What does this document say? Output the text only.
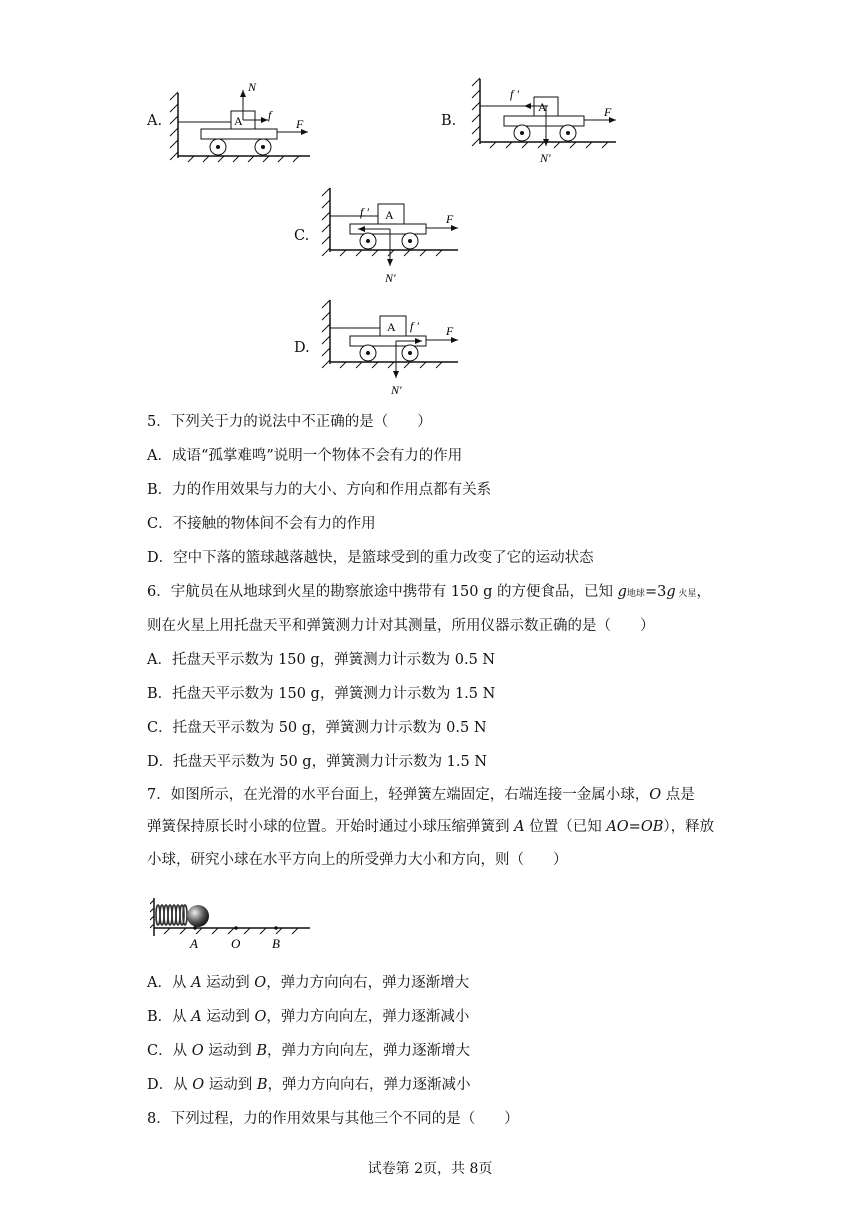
A.	A
N
f
F	B.
A
f ′
N′
F
C.
A
f ′
N′
F
D.
A f ′
N′
F
5．下列关于力的说法中不正确的是（　　）
A．成语“孤掌难鸣”说明一个物体不会有力的作用
B．力的作用效果与力的大小、方向和作用点都有关系
C．不接触的物体间不会有力的作用
D．空中下落的篮球越落越快，是篮球受到的重力改变了它的运动状态
6．宇航员在从地球到火星的勘察旅途中携带有 150 g 的方便食品，已知 g地球=3g 火星，
则在火星上用托盘天平和弹簧测力计对其测量，所用仪器示数正确的是（　　）
A．托盘天平示数为 150 g，弹簧测力计示数为 0.5 N
B．托盘天平示数为 150 g，弹簧测力计示数为 1.5 N
C．托盘天平示数为 50 g，弹簧测力计示数为 0.5 N
D．托盘天平示数为 50 g，弹簧测力计示数为 1.5 N
7．如图所示，在光滑的水平台面上，轻弹簧左端固定，右端连接一金属小球，O 点是
弹簧保持原长时小球的位置。开始时通过小球压缩弹簧到 A 位置（已知 AO=OB），释放
小球，研究小球在水平方向上的所受弹力大小和方向，则（　　）
A	O B
A．从 A 运动到 O，弹力方向向右，弹力逐渐增大
B．从 A 运动到 O，弹力方向向左，弹力逐渐减小
C．从 O 运动到 B，弹力方向向左，弹力逐渐增大
D．从 O 运动到 B，弹力方向向右，弹力逐渐减小
8．下列过程，力的作用效果与其他三个不同的是（　　）
试卷第 2页，共 8页
